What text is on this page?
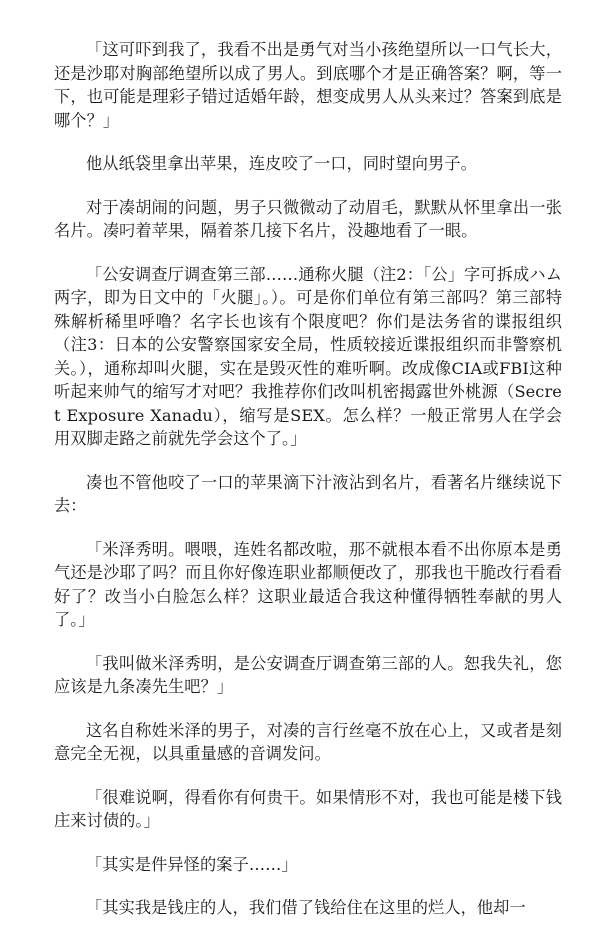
「这可吓到我了，我看不出是勇气对当小孩绝望所以一口气长大，还是沙耶对胸部绝望所以成了男人。到底哪个才是正确答案？啊，等一下，也可能是理彩子错过适婚年龄，想变成男人从头来过？答案到底是哪个？」

他从纸袋里拿出苹果，连皮咬了一口，同时望向男子。

对于凑胡闹的问题，男子只微微动了动眉毛，默默从怀里拿出一张名片。凑叼着苹果，隔着茶几接下名片，没趣地看了一眼。

「公安调查厅调查第三部……通称火腿（注2：「公」字可拆成ハム两字，即为日文中的「火腿」。）。可是你们单位有第三部吗？第三部特殊解析稀里呼噜？名字长也该有个限度吧？你们是法务省的谍报组织（注3：日本的公安警察国家安全局，性质较接近谍报组织而非警察机关。），通称却叫火腿，实在是毁灭性的难听啊。改成像CIA或FBI这种听起来帅气的缩写才对吧？我推荐你们改叫机密揭露世外桃源（Secret Exposure Xanadu），缩写是SEX。怎么样？一般正常男人在学会用双脚走路之前就先学会这个了。」

凑也不管他咬了一口的苹果滴下汁液沾到名片，看著名片继续说下去：

「米泽秀明。喂喂，连姓名都改啦，那不就根本看不出你原本是勇气还是沙耶了吗？而且你好像连职业都顺便改了，那我也干脆改行看看好了？改当小白脸怎么样？这职业最适合我这种懂得牺牲奉献的男人了。」

「我叫做米泽秀明，是公安调查厅调查第三部的人。恕我失礼，您应该是九条凑先生吧？」

这名自称姓米泽的男子，对凑的言行丝毫不放在心上，又或者是刻意完全无视，以具重量感的音调发问。

「很难说啊，得看你有何贵干。如果情形不对，我也可能是楼下钱庄来讨债的。」

「其实是件异怪的案子……」

「其实我是钱庄的人，我们借了钱给住在这里的烂人，他却一
